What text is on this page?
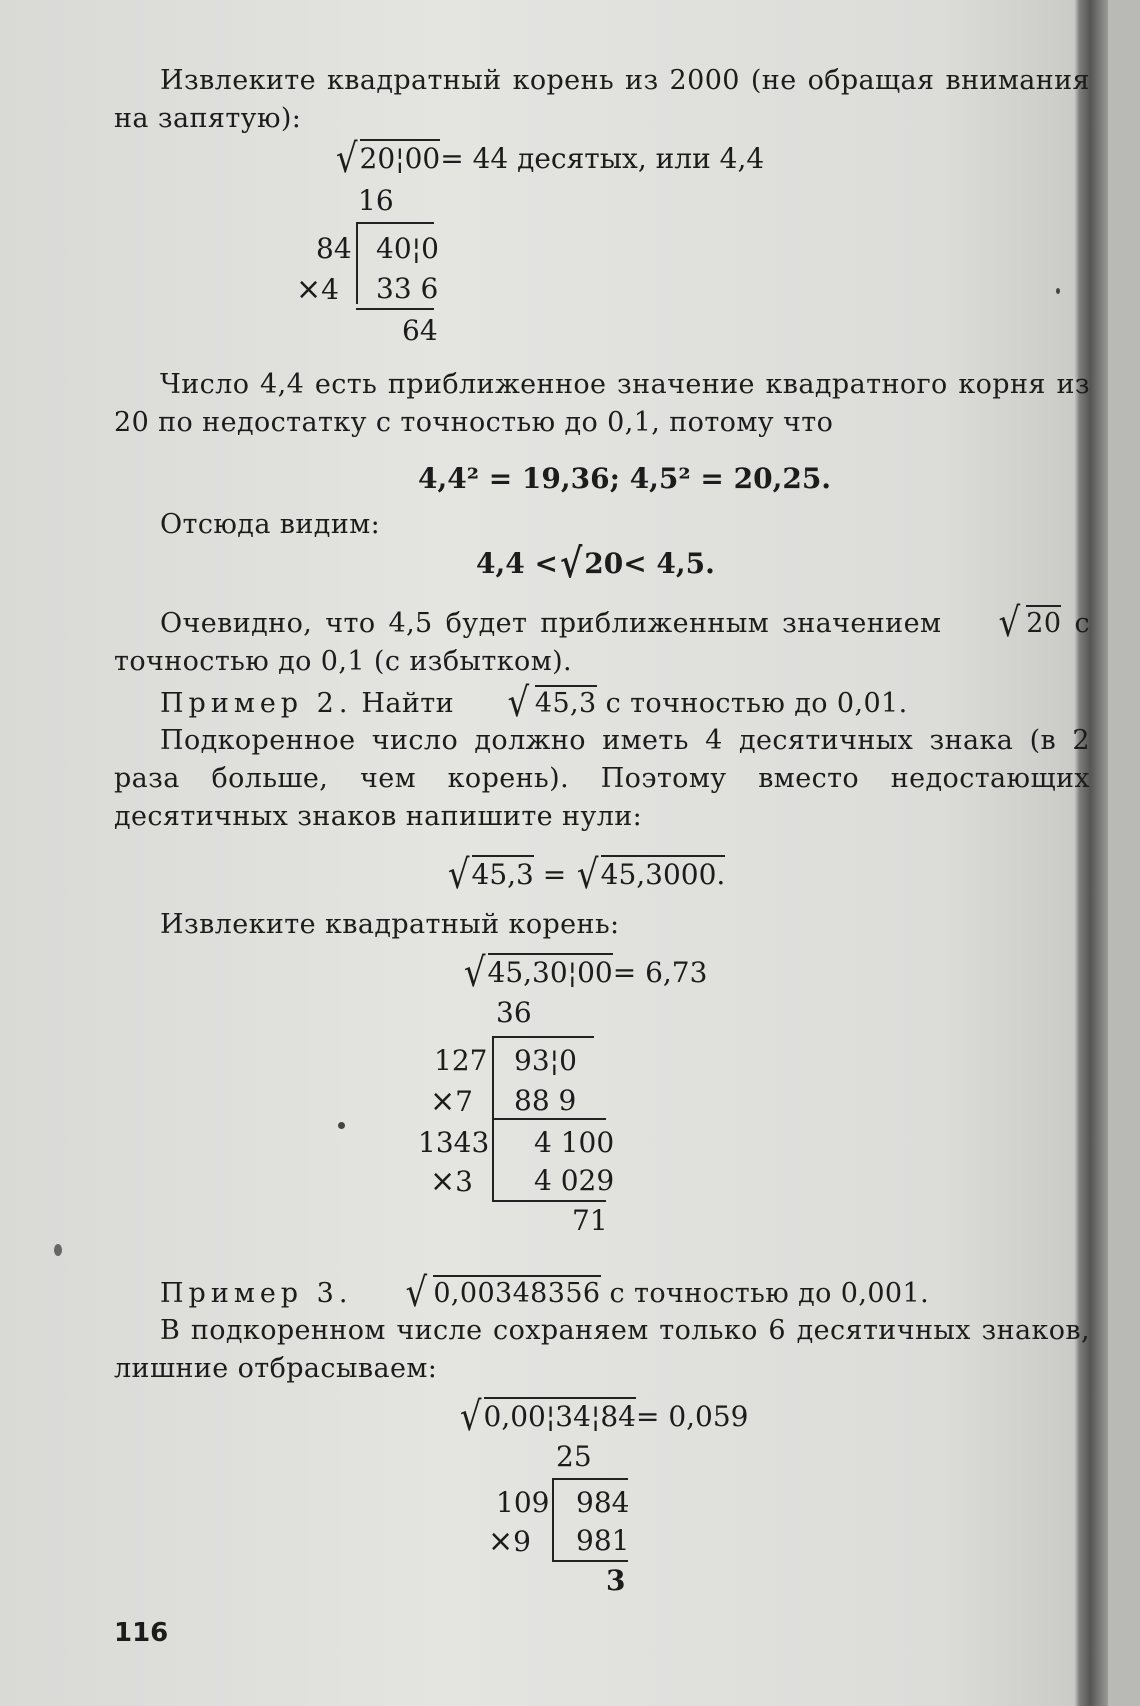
Извлеките квадратный корень из 2000 (не обращая внимания на запятую):

√20¦00= 44 десятых, или 4,4
16
84 40¦0
×4 33 6
64

Число 4,4 есть приближенное значение квадратного корня из 20 по недостатку с точностью до 0,1, потому что

4,4² = 19,36; 4,5² = 20,25.

Отсюда видим:

4,4 <√20< 4,5.

Очевидно, что 4,5 будет приближенным значением √ 20 с точностью до 0,1 (с избытком).

Пример 2. Найти √ 45,3 с точностью до 0,01.

Подкоренное число должно иметь 4 десятичных знака (в 2 раза больше, чем корень). Поэтому вместо недостающих десятичных знаков напишите нули:

√45,3 = √45,3000.

Извлеките квадратный корень:

√45,30¦00= 6,73
36
127 93¦0
×7 88 9
1343 4 100
×3 4 029
71

Пример 3. √ 0,00348356 с точностью до 0,001.

В подкоренном числе сохраняем только 6 десятичных знаков, лишние отбрасываем:

√0,00¦34¦84= 0,059
25
109 984
×9 981
3
116
